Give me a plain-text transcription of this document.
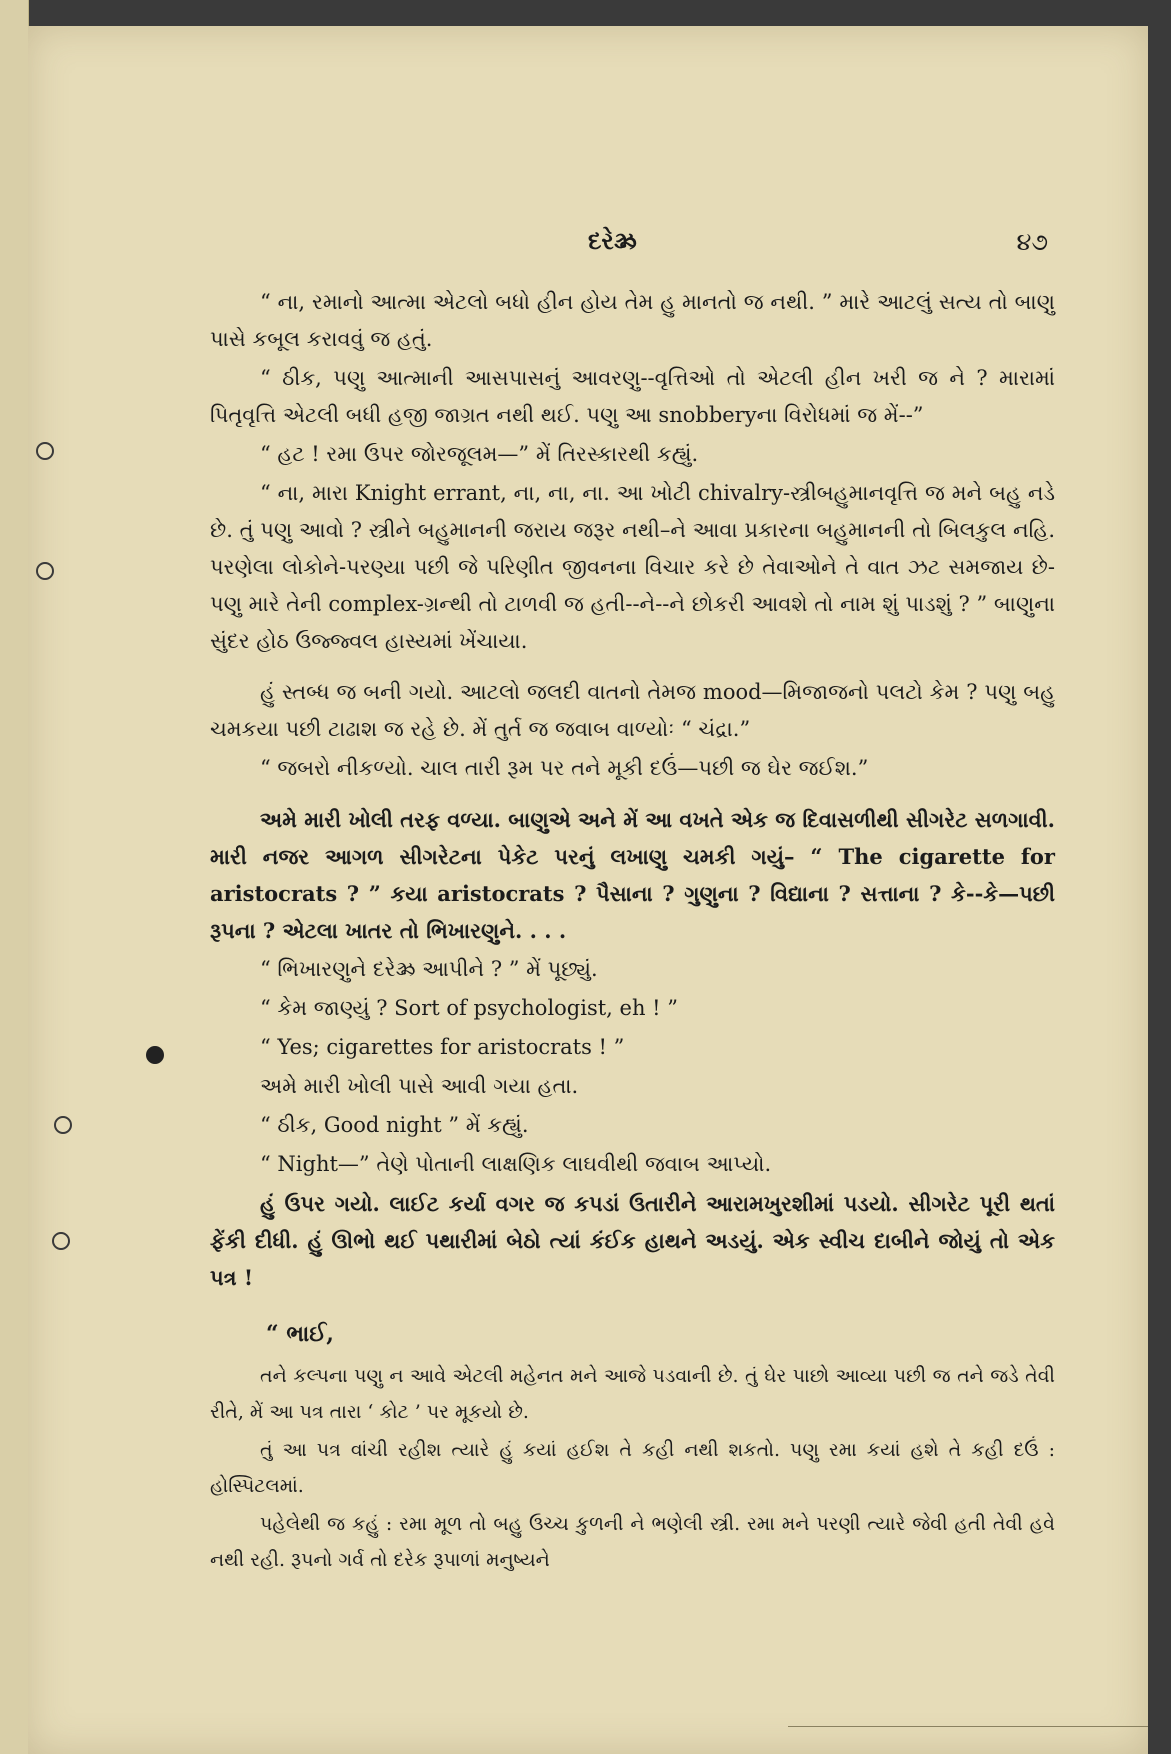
દરેઝ્રૂ	૪૭

“ ના, રમાનો આત્મા એટલો બધો હીન હોય તેમ હુ માનતો જ નથી. ” મારે આટલું સત્ય તો બાણુ પાસે કબૂલ કરાવવું જ હતું.

“ ઠીક, પણુ આત્માની આસપાસનું આવરણુ--વૃત્તિઓ તો એટલી હીન ખરી જ ને ? મારામાં પિતૃવૃત્તિ એટલી બધી હજી જાગ્રત નથી થઈ. પણુ આ snobberyના વિરોધમાં જ મેં--”

“ હટ ! રમા ઉપર જોરજૂલમ—” મેં તિરસ્કારથી કહ્યું.

“ ના, મારા Knight errant, ના, ના, ના. આ ખોટી chivalry-સ્ત્રીબહુમાનવૃત્તિ જ મને બહુ નડે છે. તું પણુ આવો ? સ્ત્રીને બહુમાનની જરાય જરૂર નથી–ને આવા પ્રકારના બહુમાનની તો બિલકુલ નહિ. પરણેલા લોકોને-પરણ્યા પછી જે પરિણીત જીવનના વિચાર કરે છે તેવાઓને તે વાત ઝટ સમજાય છે-પણુ મારે તેની complex-ગ્રન્થી તો ટાળવી જ હતી--ને--ને છોકરી આવશે તો નામ શું પાડશું ? ” બાણુના સુંદર હોઠ ઉજ્જ્વલ હાસ્યમાં ખેંચાયા.

હું સ્તબ્ધ જ બની ગયો. આટલો જલદી વાતનો તેમજ mood—મિજાજનો પલટો કેમ ? પણુ બહુ ચમકયા પછી ટાઢાશ જ રહે છે. મેં તુર્ત જ જવાબ વાળ્યોઃ “ ચંદ્રા.”

“ જબરો નીકળ્યો. ચાલ તારી રૂમ પર તને મૂકી દઉં—પછી જ ઘેર જઈશ.”

અમે મારી ખોલી તરફ વળ્યા. બાણુએ અને મેં આ વખતે એક જ દિવાસળીથી સીગરેટ સળગાવી. મારી નજર આગળ સીગરેટના પેકેટ પરનું લખાણુ ચમકી ગયું– “ The cigarette for aristocrats ? ” કયા aristocrats ? પૈસાના ? ગુણુના ? વિદ્યાના ? સત્તાના ? કે--કે—પછી રૂપના ? એટલા ખાતર તો ભિખારણુને. . . .

“ ભિખારણુને દરેઝ્રૂ આપીને ? ” મેં પૂછ્યું.

“ કેમ જાણ્યું ? Sort of psychologist, eh ! ”

“ Yes; cigarettes for aristocrats ! ”

અમે મારી ખોલી પાસે આવી ગયા હતા.

“ ઠીક, Good night ” મેં કહ્યું.

“ Night—” તેણે પોતાની લાક્ષણિક લાઘવીથી જવાબ આપ્યો.

હું ઉપર ગયો. લાઈટ કર્યા વગર જ કપડાં ઉતારીને આરામખુરશીમાં પડયો. સીગરેટ પૂરી થતાં ફેંકી દીધી. હું ઊભો થઈ પથારીમાં બેઠો ત્યાં કંઈક હાથને અડયું. એક સ્વીચ દાબીને જોયું તો એક પત્ર !

“ ભાઈ,

તને કલ્પના પણુ ન આવે એટલી મહેનત મને આજે પડવાની છે. તું ઘેર પાછો આવ્યા પછી જ તને જડે તેવી રીતે, મેં આ પત્ર તારા ‘ કોટ ’ પર મૂકયો છે.

તું આ પત્ર વાંચી રહીશ ત્યારે હું કયાં હઈશ તે કહી નથી શકતો. પણુ રમા કયાં હશે તે કહી દઉં : હોસ્પિટલમાં.

પહેલેથી જ કહું : રમા મૂળ તો બહુ ઉચ્ચ કુળની ને ભણેલી સ્ત્રી. રમા મને પરણી ત્યારે જેવી હતી તેવી હવે નથી રહી. રૂપનો ગર્વ તો દરેક રૂપાળાં મનુષ્યને
